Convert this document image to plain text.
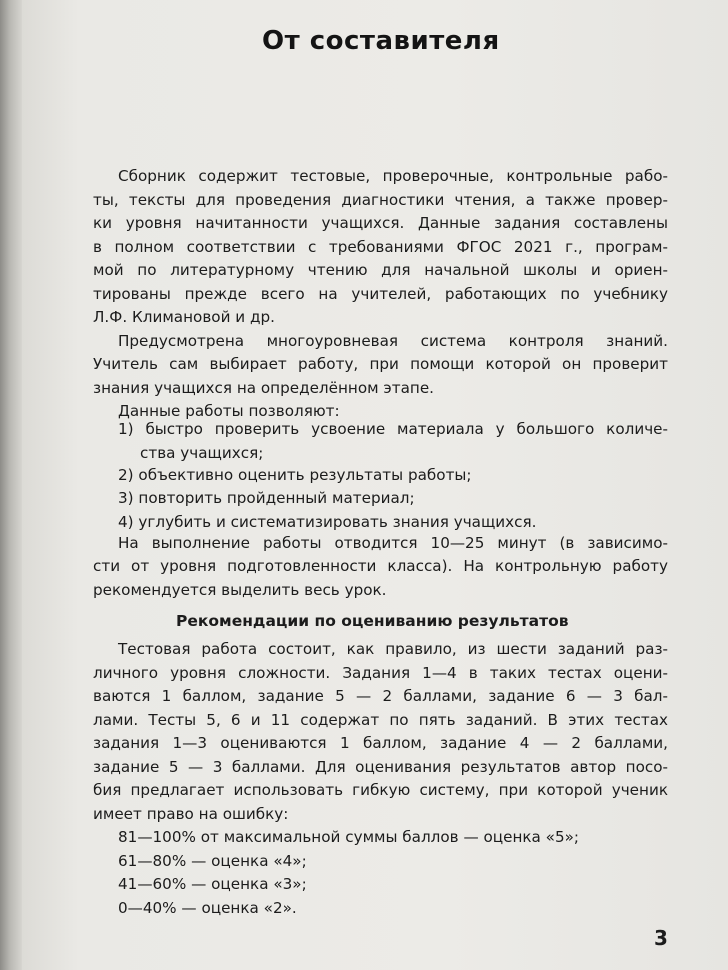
От составителя

Сборник содержит тестовые, проверочные, контрольные рабо-

ты, тексты для проведения диагностики чтения, а также провер-

ки уровня начитанности учащихся. Данные задания составлены

в полном соответствии с требованиями ФГОС 2021 г., програм-

мой по литературному чтению для начальной школы и ориен-

тированы прежде всего на учителей, работающих по учебнику

Л.Ф. Климановой и др.

Предусмотрена многоуровневая система контроля знаний.

Учитель сам выбирает работу, при помощи которой он проверит

знания учащихся на определённом этапе.

Данные работы позволяют:

1) быстро проверить усвоение материала у большого количе-

ства учащихся;
2) объективно оценить результаты работы;
3) повторить пройденный материал;
4) углубить и систематизировать знания учащихся.

На выполнение работы отводится 10—25 минут (в зависимо-

сти от уровня подготовленности класса). На контрольную работу

рекомендуется выделить весь урок.

Рекомендации по оцениванию результатов

Тестовая работа состоит, как правило, из шести заданий раз-

личного уровня сложности. Задания 1—4 в таких тестах оцени-

ваются 1 баллом, задание 5 — 2 баллами, задание 6 — 3 бал-

лами. Тесты 5, 6 и 11 содержат по пять заданий. В этих тестах

задания 1—3 оцениваются 1 баллом, задание 4 — 2 баллами,

задание 5 — 3 баллами. Для оценивания результатов автор посо-

бия предлагает использовать гибкую систему, при которой ученик

имеет право на ошибку:

81—100% от максимальной суммы баллов — оценка «5»;
61—80% — оценка «4»;
41—60% — оценка «3»;
0—40% — оценка «2».
3
